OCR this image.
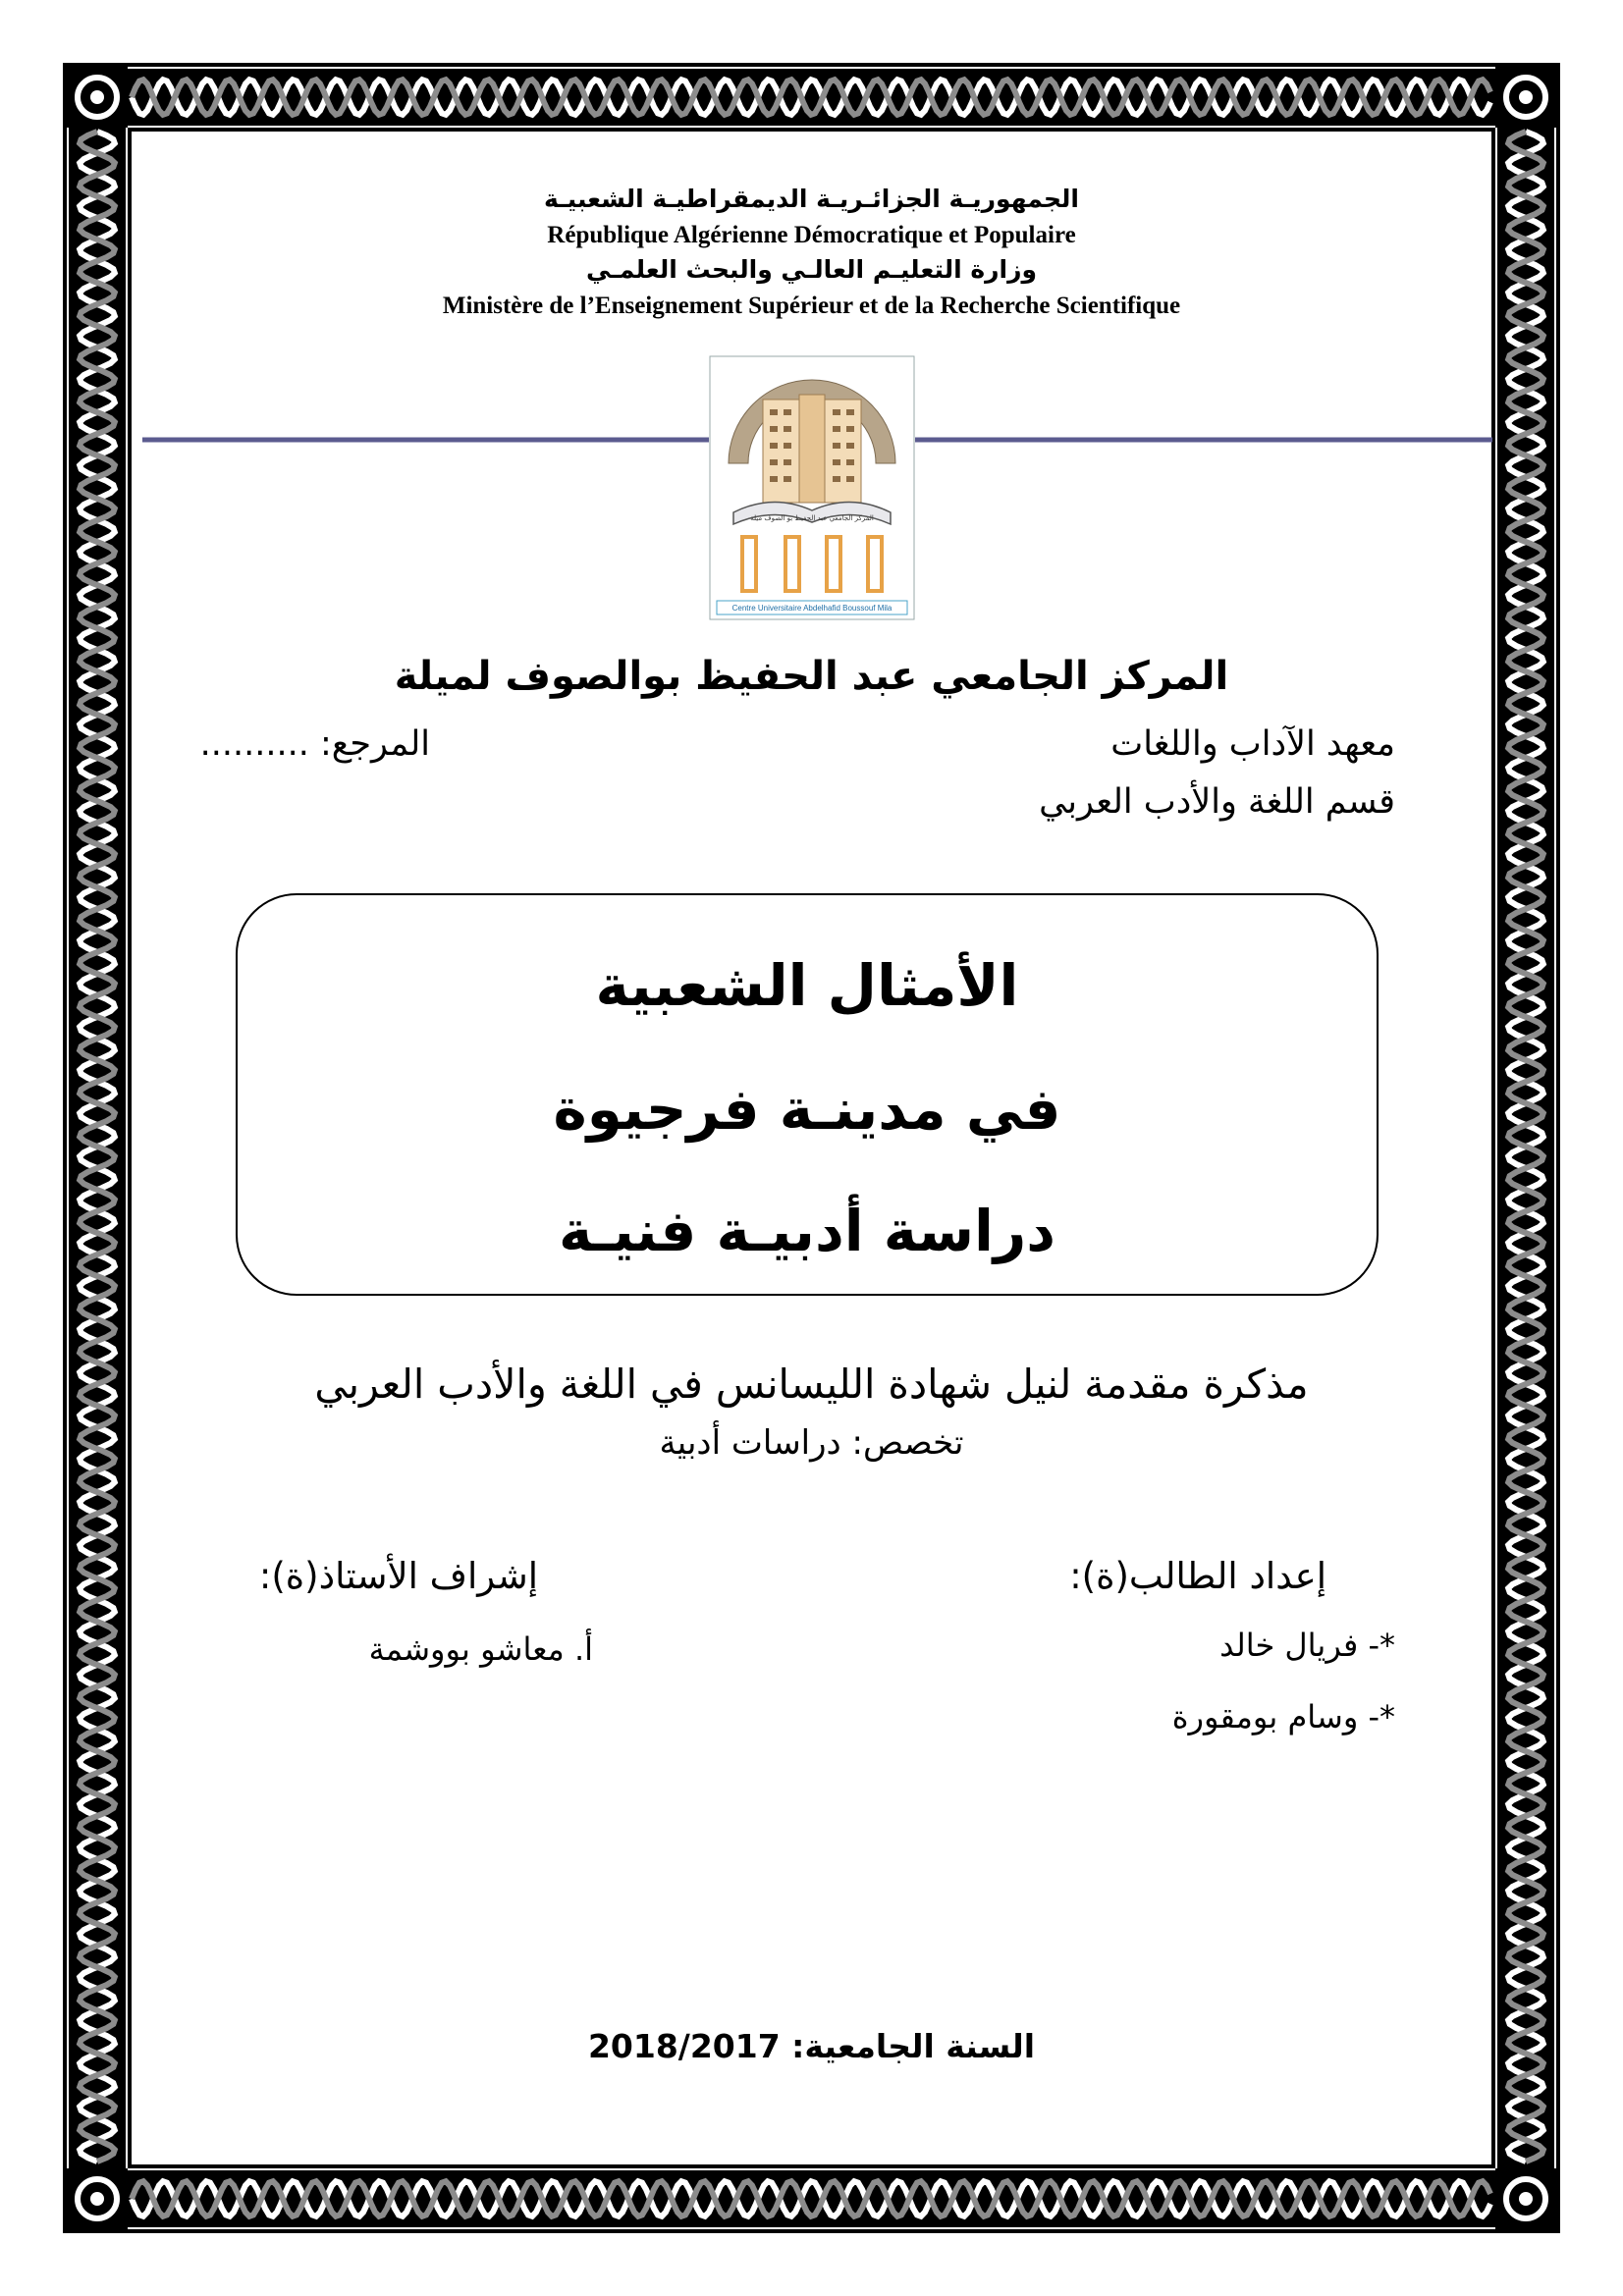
الجمهوريـة الجزائـريـة الديمقراطيـة الشعبيـة
République Algérienne Démocratique et Populaire
وزارة التعليـم العالـي والبحث العلمـي
Ministère de l’Enseignement Supérieur et de la Recherche Scientifique
المركز الجامعي عبد الحفيظ بو الصوف ميلة
Centre Universitaire Abdelhafid Boussouf Mila
المركز الجامعي عبد الحفيظ بوالصوف لميلة
معهد الآداب واللغات
المرجع: ..........
قسم اللغة والأدب العربي
الأمثال الشعبية
في مدينـة فرجيوة
دراسة أدبيـة فنيـة
مذكرة مقدمة لنيل شهادة الليسانس في اللغة والأدب العربي
تخصص: دراسات أدبية
إعداد الطالب(ة):
إشراف الأستاذ(ة):
*- فريال خالد
*- وسام بومقورة
أ. معاشو بووشمة
السنة الجامعية: 2018/2017
